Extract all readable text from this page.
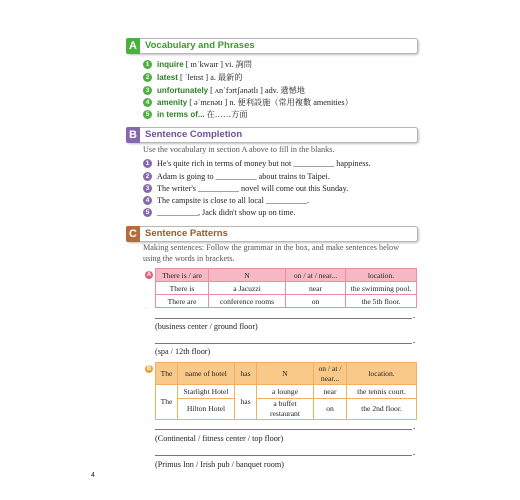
A Vocabulary and Phrases
1 inquire [ ɪnˈkwaɪr ] vi. 詢問
2 latest [ ˈletɪst ] a. 最新的
3 unfortunately [ ʌnˈfɔrtʃənətlɪ ] adv. 遺憾地
4 amenity [ əˈmɛnətɪ ] n. 便利設施（常用複數 amenities）
5 in terms of... 在……方面
B Sentence Completion
Use the vocabulary in section A above to fill in the blanks.
1 He's quite rich in terms of money but not __________ happiness.
2 Adam is going to __________ about trains to Taipei.
3 The writer's __________ novel will come out this Sunday.
4 The campsite is close to all local __________.
5 __________, Jack didn't show up on time.
C Sentence Patterns
Making sentences: Follow the grammar in the box, and make sentences below using the words in brackets.
A There is / are	N	on / at / near...	location.
There is	a Jacuzzi	near	the swimming pool.
There are	conference rooms	on	the 5th floor.
.
(business center / ground floor)
.
(spa / 12th floor)
B The	name of hotel	has	N	on / at / near...	location.
The	Starlight Hotel	has	a lounge	near	the tennis court.
	Hilton Hotel		a buffet restaurant	on	the 2nd floor.
.
(Continental / fitness center / top floor)
.
(Primus Inn / Irish pub / banquet room)
4
